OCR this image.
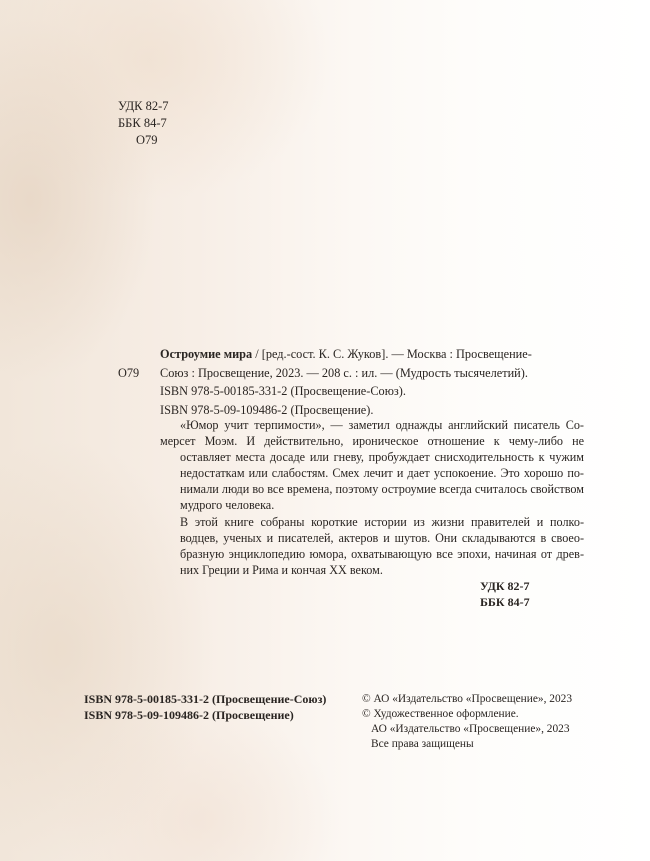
УДК 82-7
ББК 84-7
О79
Остроумие мира / [ред.-сост. К. С. Жуков]. — Москва : Просвещение-
О79	Союз : Просвещение, 2023. — 208 с. : ил. — (Мудрость тысячелетий).
ISBN 978-5-00185-331-2 (Просвещение-Союз).
ISBN 978-5-09-109486-2 (Просвещение).

«Юмор учит терпимости», — заметил однажды английский писатель Со-
мерсет Моэм. И действительно, ироническое отношение к чему-либо не
оставляет места досаде или гневу, пробуждает снисходительность к чужим
недостаткам или слабостям. Смех лечит и дает успокоение. Это хорошо по-
нимали люди во все времена, поэтому остроумие всегда считалось свойством
мудрого человека.

В этой книге собраны короткие истории из жизни правителей и полко-
водцев, ученых и писателей, актеров и шутов. Они складываются в своео-
бразную энциклопедию юмора, охватывающую все эпохи, начиная от древ-
них Греции и Рима и кончая XX веком.

УДК 82-7
ББК 84-7
ISBN 978-5-00185-331-2 (Просвещение-Союз)
ISBN 978-5-09-109486-2 (Просвещение)
© АО «Издательство «Просвещение», 2023
© Художественное оформление.
АО «Издательство «Просвещение», 2023
Все права защищены
